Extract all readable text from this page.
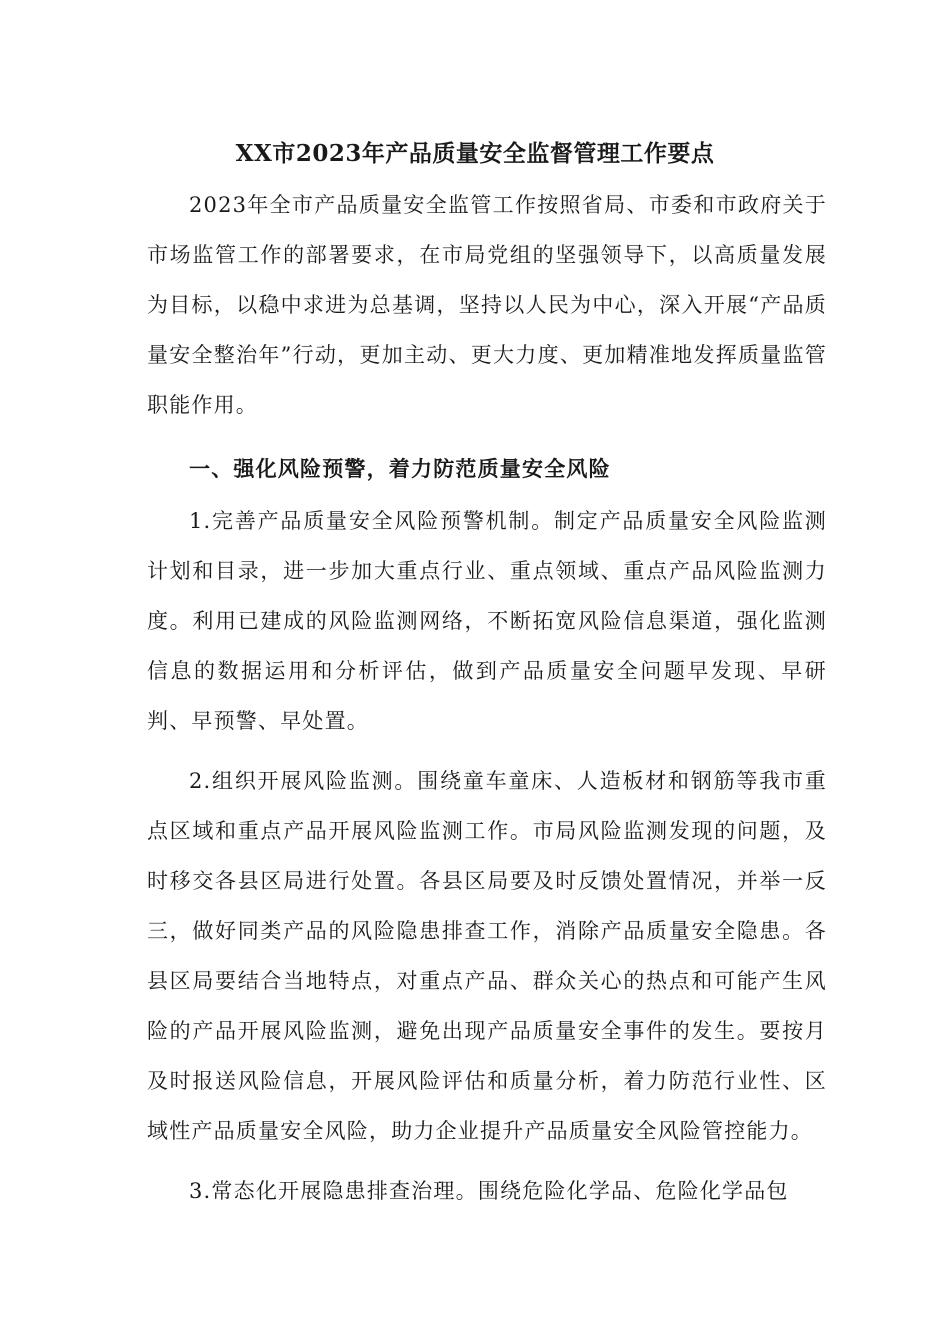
XX市2023年产品质量安全监督管理工作要点

2023年全市产品质量安全监管工作按照省局、市委和市政府关于市场监管工作的部署要求，在市局党组的坚强领导下，以高质量发展为目标，以稳中求进为总基调，坚持以人民为中心，深入开展“产品质量安全整治年”行动，更加主动、更大力度、更加精准地发挥质量监管职能作用。

一、强化风险预警，着力防范质量安全风险

1.完善产品质量安全风险预警机制。制定产品质量安全风险监测计划和目录，进一步加大重点行业、重点领域、重点产品风险监测力度。利用已建成的风险监测网络，不断拓宽风险信息渠道，强化监测信息的数据运用和分析评估，做到产品质量安全问题早发现、早研判、早预警、早处置。

2.组织开展风险监测。围绕童车童床、人造板材和钢筋等我市重点区域和重点产品开展风险监测工作。市局风险监测发现的问题，及时移交各县区局进行处置。各县区局要及时反馈处置情况，并举一反三，做好同类产品的风险隐患排查工作，消除产品质量安全隐患。各县区局要结合当地特点，对重点产品、群众关心的热点和可能产生风险的产品开展风险监测，避免出现产品质量安全事件的发生。要按月及时报送风险信息，开展风险评估和质量分析，着力防范行业性、区域性产品质量安全风险，助力企业提升产品质量安全风险管控能力。

3.常态化开展隐患排查治理。围绕危险化学品、危险化学品包
